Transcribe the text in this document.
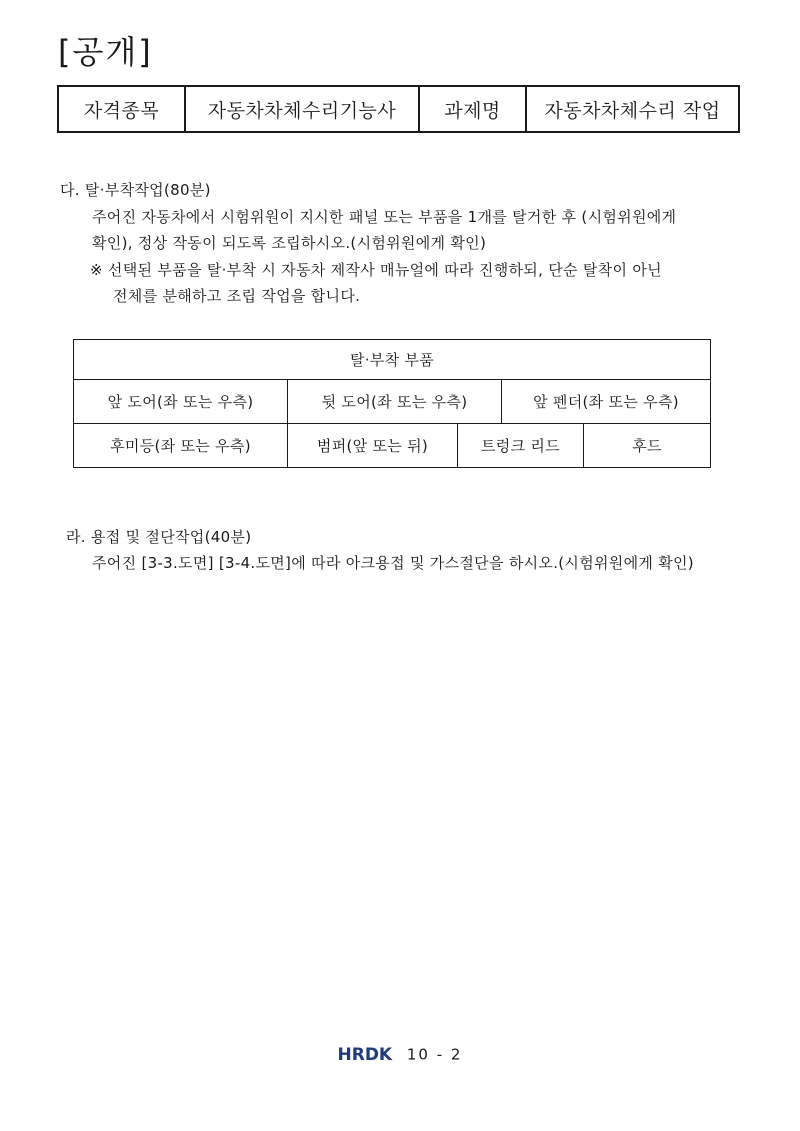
[공개]
자격종목	자동차차체수리기능사	과제명	자동차차체수리 작업
다. 탈·부착작업(80분)
주어진 자동차에서 시험위원이 지시한 패널 또는 부품을 1개를 탈거한 후 (시험위원에게
확인), 정상 작동이 되도록 조립하시오.(시험위원에게 확인)
※ 선택된 부품을 탈·부착 시 자동차 제작사 매뉴얼에 따라 진행하되, 단순 탈착이 아닌
전체를 분해하고 조립 작업을 합니다.
탈·부착 부품				
앞 도어(좌 또는 우측)	뒷 도어(좌 또는 우측)		앞 펜더(좌 또는 우측)	
후미등(좌 또는 우측)	범퍼(앞 또는 뒤)	트렁크 리드		후드
라. 용접 및 절단작업(40분)
주어진 [3-3.도면] [3-4.도면]에 따라 아크용접 및 가스절단을 하시오.(시험위원에게 확인)
HRDK 10 - 2
